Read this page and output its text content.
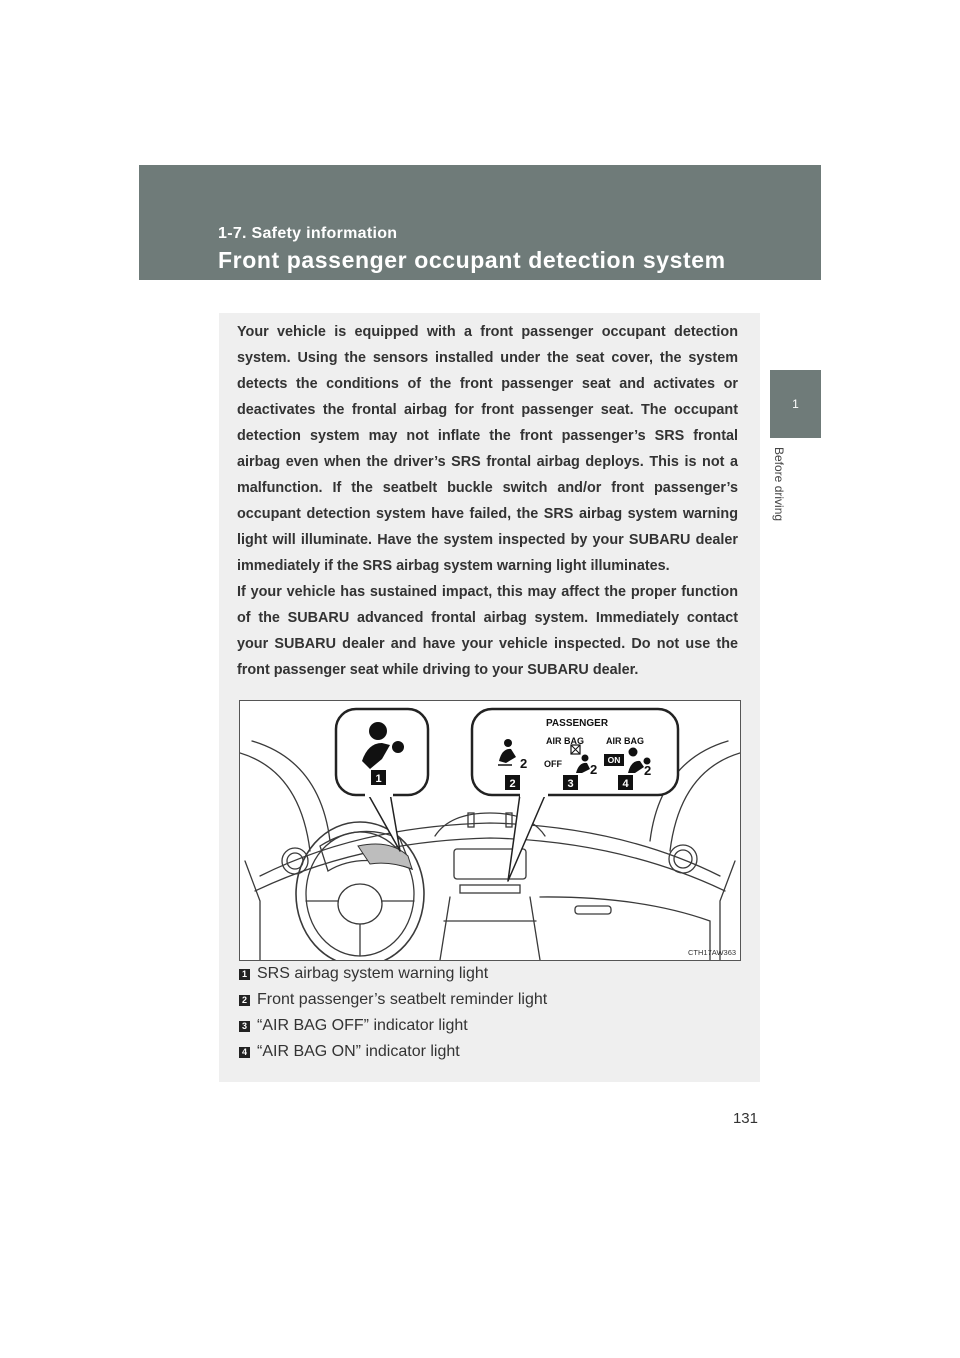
1-7. Safety information
Front passenger occupant detection system
1
Before driving

Your vehicle is equipped with a front passenger occupant detection system. Using the sensors installed under the seat cover, the system detects the conditions of the front passenger seat and activates or deactivates the frontal airbag for front passenger seat. The occupant detection system may not inflate the front passenger’s SRS frontal airbag even when the driver’s SRS frontal airbag deploys. This is not a malfunction. If the seatbelt buckle switch and/or front passenger’s occupant detection system have failed, the SRS airbag system warning light will illuminate. Have the system inspected by your SUBARU dealer immediately if the SRS airbag system warning light illuminates.

If your vehicle has sustained impact, this may affect the proper function of the SUBARU advanced frontal airbag system. Immediately contact your SUBARU dealer and have your vehicle inspected. Do not use the front passenger seat while driving to your SUBARU dealer.

1
PASSENGER
AIR BAG AIR BAG
2 OFF 2
ON
2
2	3	4
CTH17AW363
1 SRS airbag system warning light
2 Front passenger’s seatbelt reminder light
3 “AIR BAG OFF” indicator light
4 “AIR BAG ON” indicator light
131
